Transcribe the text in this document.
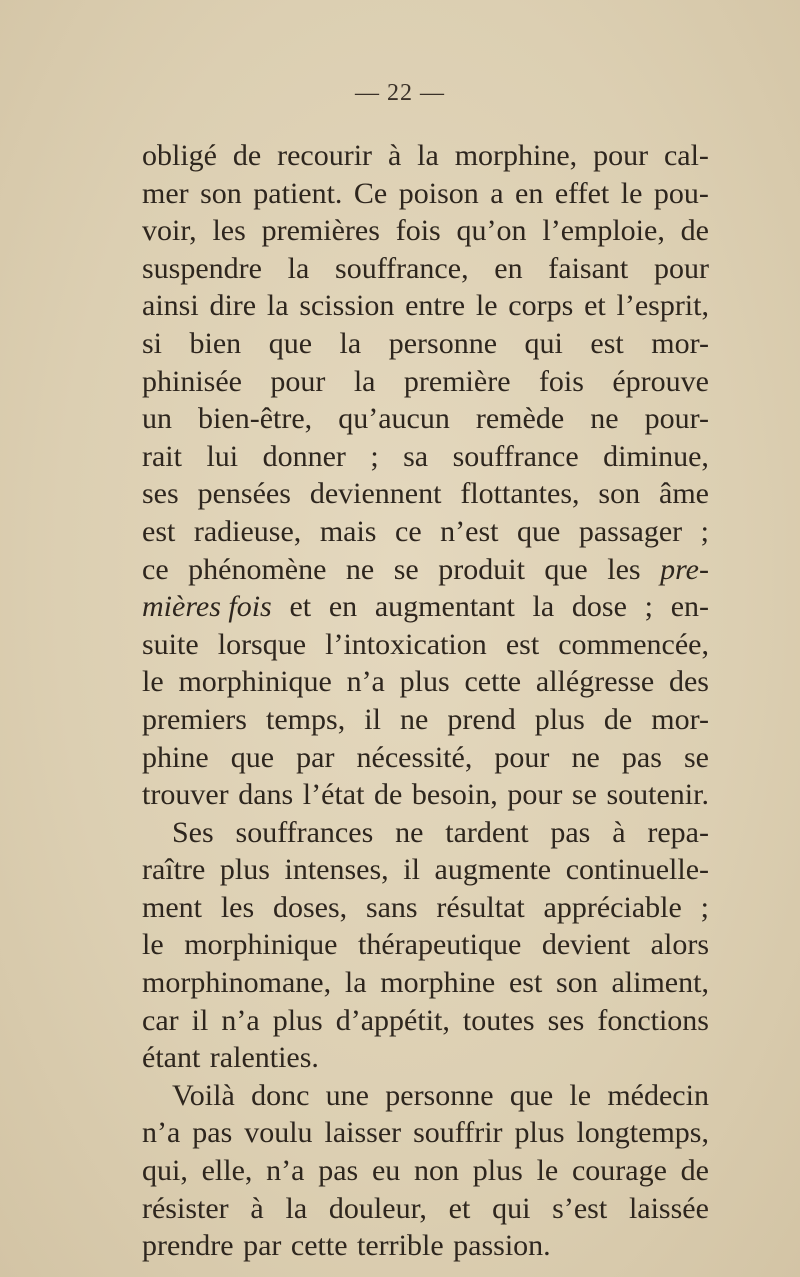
— 22 —
obligé de recourir à la morphine, pour cal-
mer son patient. Ce poison a en effet le pou-
voir, les premières fois qu’on l’emploie, de
suspendre la souffrance, en faisant pour
ainsi dire la scission entre le corps et l’esprit,
si bien que la personne qui est mor-
phinisée pour la première fois éprouve
un bien-être, qu’aucun remède ne pour-
rait lui donner ; sa souffrance diminue,
ses pensées deviennent flottantes, son âme
est radieuse, mais ce n’est que passager ;
ce phénomène ne se produit que les pre-
mières fois et en augmentant la dose ; en-
suite lorsque l’intoxication est commencée,
le morphinique n’a plus cette allégresse des
premiers temps, il ne prend plus de mor-
phine que par nécessité, pour ne pas se
trouver dans l’état de besoin, pour se soutenir.
Ses souffrances ne tardent pas à repa-
raître plus intenses, il augmente continuelle-
ment les doses, sans résultat appréciable ;
le morphinique thérapeutique devient alors
morphinomane, la morphine est son aliment,
car il n’a plus d’appétit, toutes ses fonctions
étant ralenties.
Voilà donc une personne que le médecin
n’a pas voulu laisser souffrir plus longtemps,
qui, elle, n’a pas eu non plus le courage de
résister à la douleur, et qui s’est laissée
prendre par cette terrible passion.
